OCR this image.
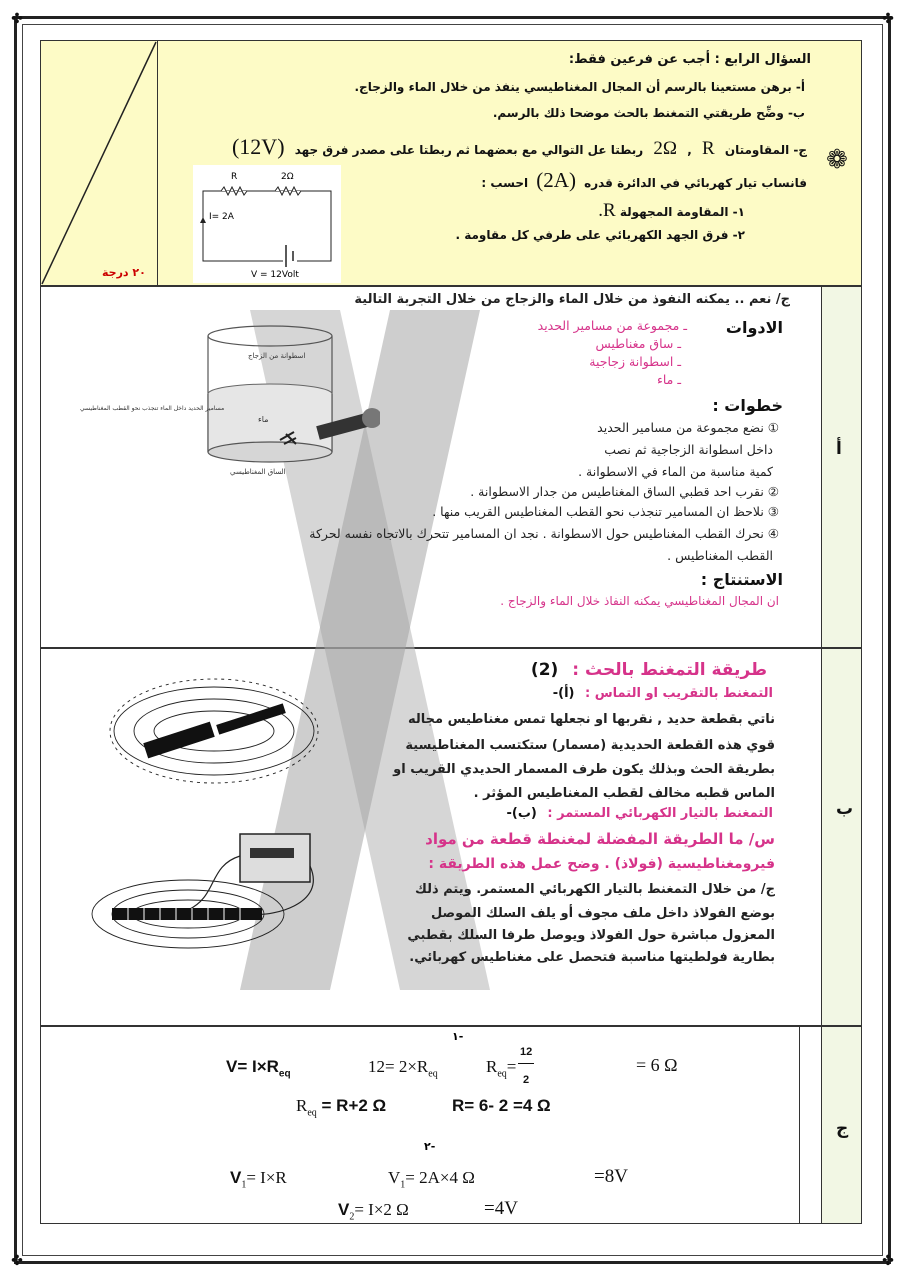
✤	✤
✤	✤
٢٠ درجة
❁
السؤال الرابع : أجب عن فرعين فقط:
أ- برهن مستعينا بالرسم أن المجال المغناطيسي ينفذ من خلال الماء والزجاج.
ب- وضِّح طريقتي التمغنط بالحث موضحا ذلك بالرسم.
ج- المقاومتان 2Ω , R ربطتا عل التوالي مع بعضهما ثم ربطتا على مصدر فرق جهد (12V)
فانساب تيار كهربائي في الدائرة قدره (2A) احسب :
١- المقاومة المجهولة R.
٢- فرق الجهد الكهربائي على طرفي كل مقاومة .
R	2Ω
I= 2A
V = 12Volt
أ
ب
ج
ج/ نعم .. يمكنه النفوذ من خلال الماء والزجاج من خلال التجربة التالية
الادوات
ـ مجموعة من مسامير الحديد
ـ ساق مغناطيس
ـ اسطوانة زجاجية
ـ ماء
خطوات :
① نضع مجموعة من مسامير الحديد
داخل اسطوانة الزجاجية ثم نصب
كمية مناسبة من الماء في الاسطوانة .
② نقرب احد قطبي الساق المغناطيس من جدار الاسطوانة .
③ نلاحظ ان المسامير تنجذب نحو القطب المغناطيس القريب منها .
④ نحرك القطب المغناطيس حول الاسطوانة . نجد ان المسامير تتحرك بالاتجاه نفسه لحركة
القطب المغناطيس .
الاستنتاج :
ان المجال المغناطيسي يمكنه النفاذ خلال الماء والزجاج .
اسطوانة من الزجاج
ماء
مسامير الحديد داخل الماء تنجذب نحو القطب المغناطيسي
الساق المغناطيسي
طريقة التمغنط بالحث : (2)
التمغنط بالتقريب او التماس : (أ)-
ناتي بقطعة حديد , نقربها او نجعلها تمس مغناطيس مجاله
قوي هذه القطعة الحديدية (مسمار) ستكتسب المغناطيسية
بطريقة الحث وبذلك يكون طرف المسمار الحديدي القريب او
الماس قطبه مخالف لقطب المغناطيس المؤثر .
التمغنط بالتيار الكهربائي المستمر : (ب)-
س/ ما الطريقة المفضلة لمغنطة قطعة من مواد
فيرومغناطيسية (فولاذ) . وضح عمل هذه الطريقة :
ج/ من خلال التمغنط بالتيار الكهربائي المستمر. ويتم ذلك
بوضع الفولاذ داخل ملف مجوف أو يلف السلك الموصل
المعزول مباشرة حول الفولاذ ويوصل طرفا السلك بقطبي
بطارية فولطيتها مناسبة فتحصل على مغناطيس كهربائي.
١-
$V= I\times R_{eq}$	$12= 2\times R_{eq}$	$R_{eq}=$
12
2
= 6 Ω
$R_{eq} = R+2$ Ω	R= 6- 2 =4 Ω
٢-
$V_1= I\times R$	$V_1= 2A\times 4$ Ω	=8V
$V_2= I\times 2$ Ω	=4V
